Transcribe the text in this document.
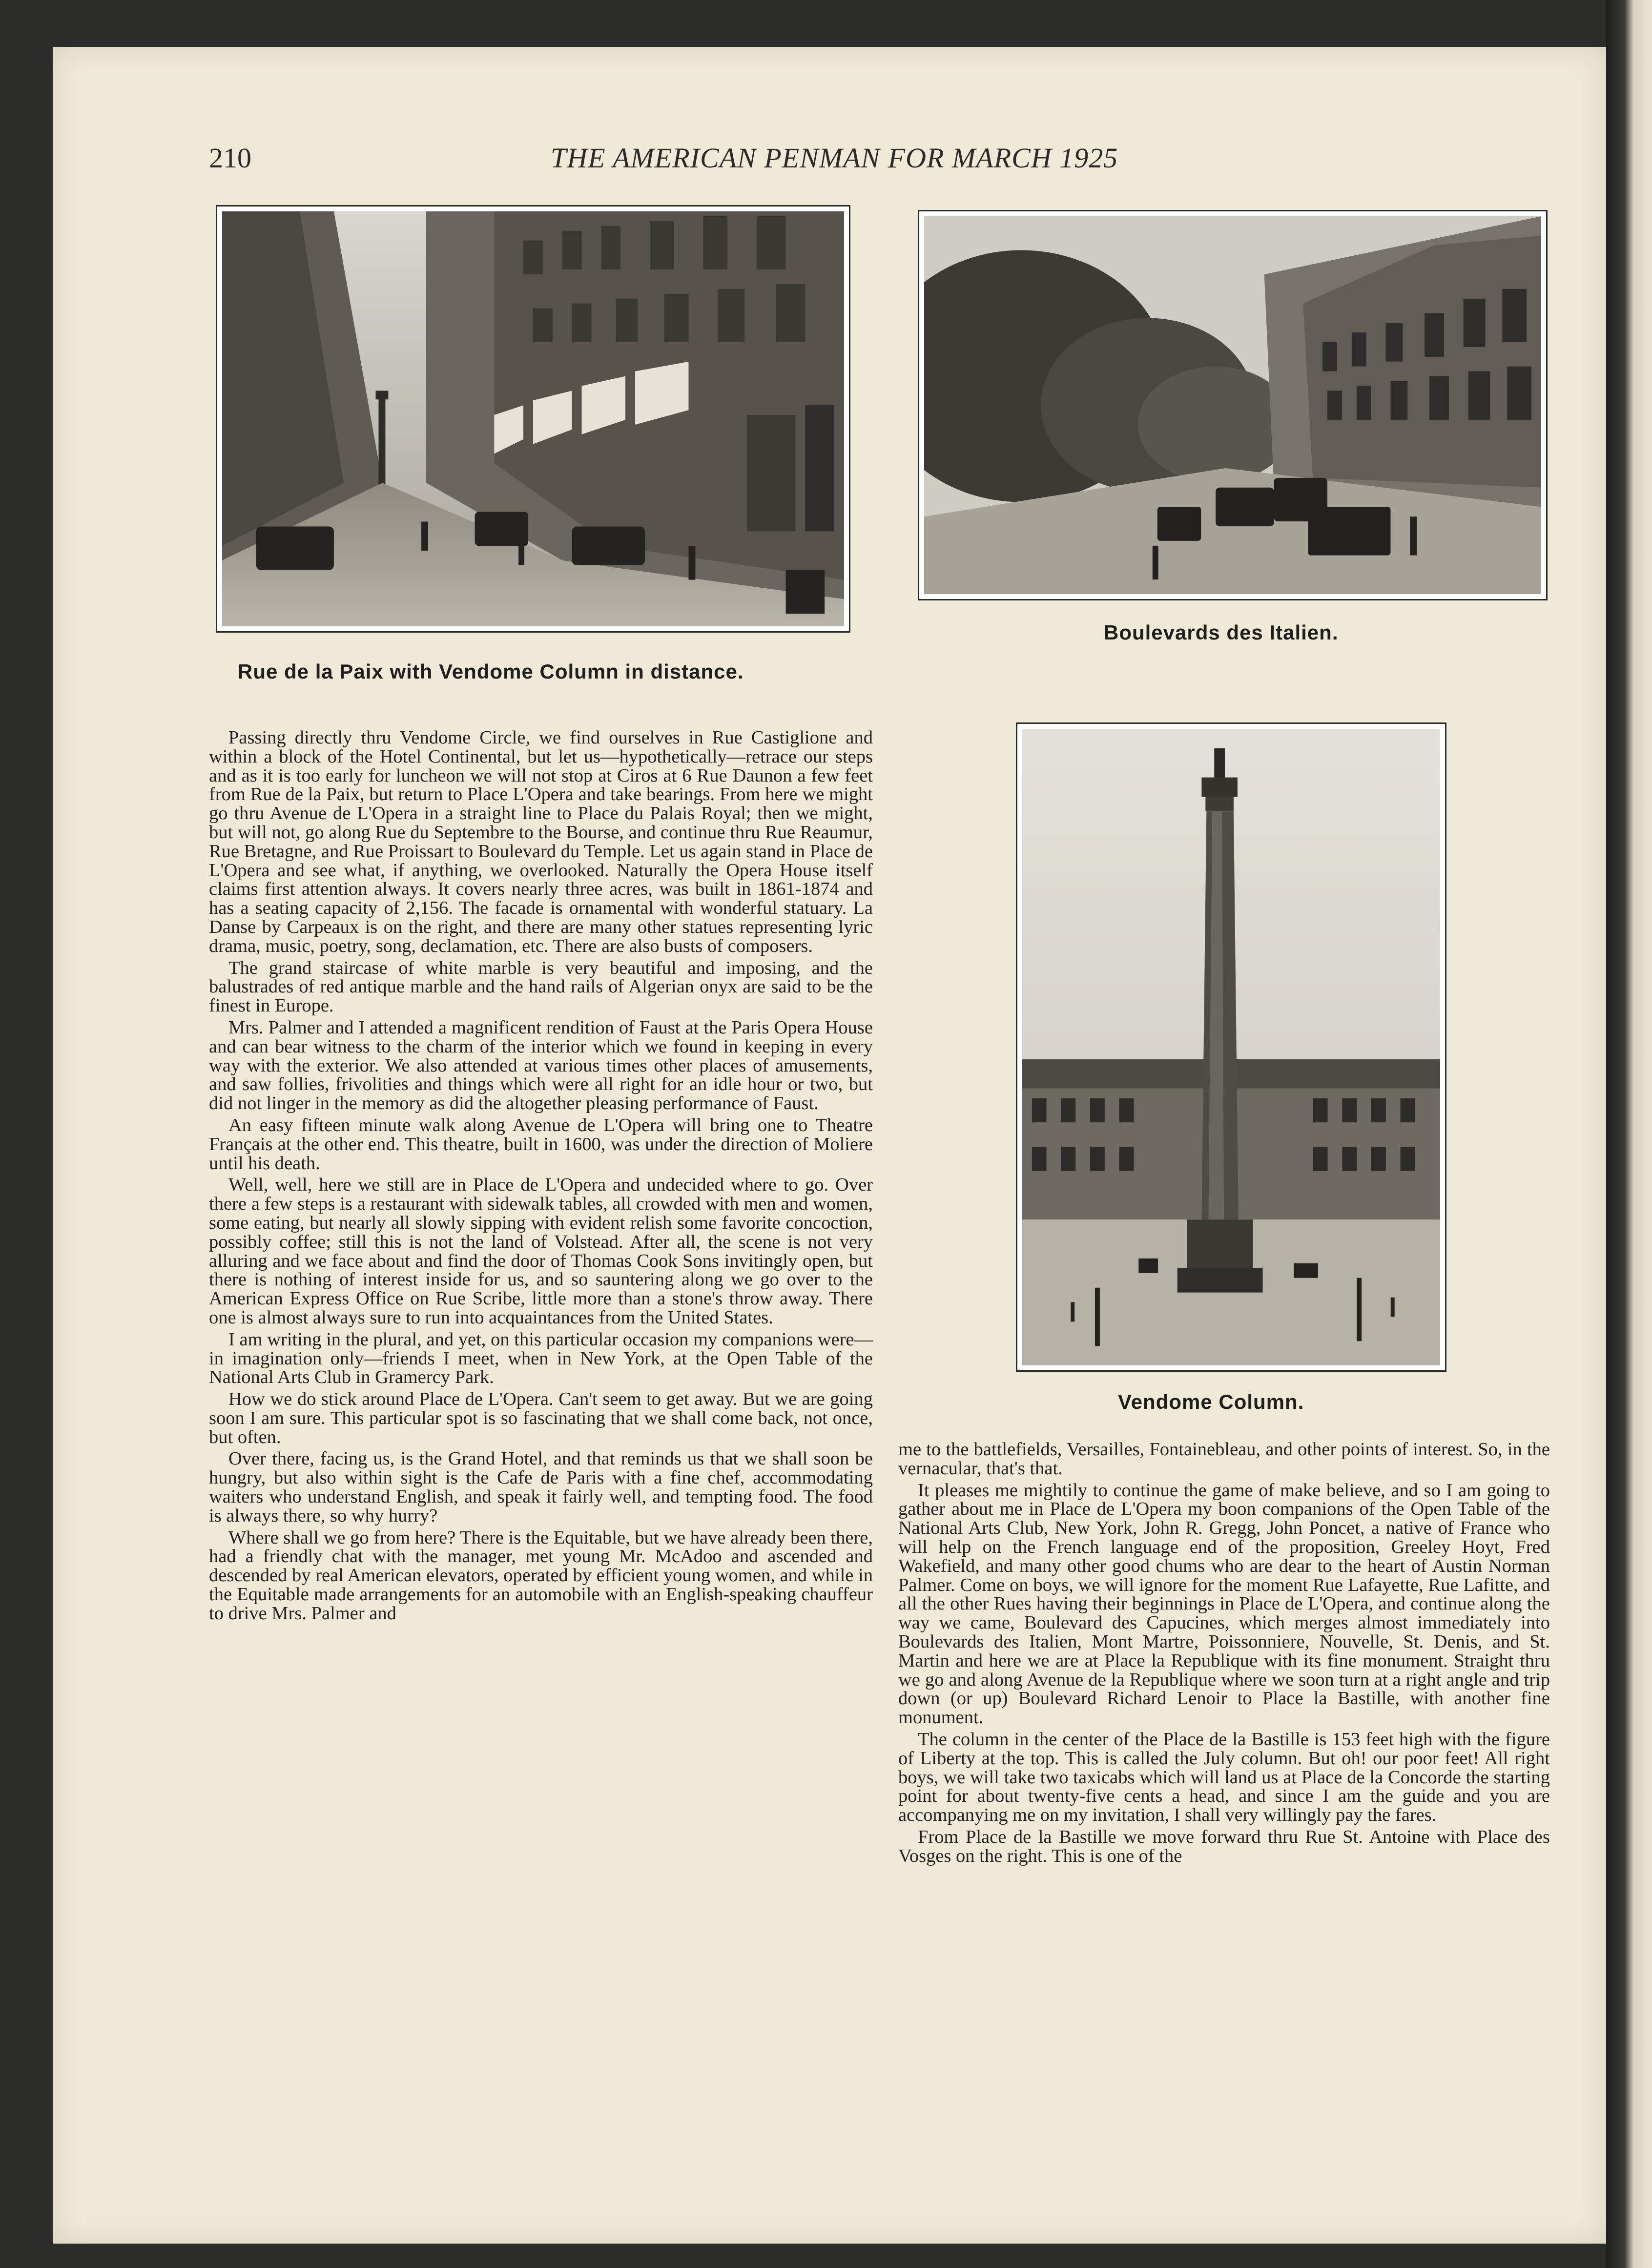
210	THE AMERICAN PENMAN FOR MARCH 1925
Rue de la Paix with Vendome Column in distance.
Boulevards des Italien.
Vendome Column.

Passing directly thru Vendome Circle, we find ourselves in Rue Castiglione and within a block of the Hotel Continental, but let us—hypothetically—retrace our steps and as it is too early for luncheon we will not stop at Ciros at 6 Rue Daunon a few feet from Rue de la Paix, but return to Place L'Opera and take bearings. From here we might go thru Avenue de L'Opera in a straight line to Place du Palais Royal; then we might, but will not, go along Rue du Septembre to the Bourse, and continue thru Rue Reaumur, Rue Bretagne, and Rue Proissart to Boulevard du Temple. Let us again stand in Place de L'Opera and see what, if anything, we overlooked. Naturally the Opera House itself claims first attention always. It covers nearly three acres, was built in 1861-1874 and has a seating capacity of 2,156. The facade is ornamental with wonderful statuary. La Danse by Carpeaux is on the right, and there are many other statues representing lyric drama, music, poetry, song, declamation, etc. There are also busts of composers.

The grand staircase of white marble is very beautiful and imposing, and the balustrades of red antique marble and the hand rails of Algerian onyx are said to be the finest in Europe.

Mrs. Palmer and I attended a magnificent rendition of Faust at the Paris Opera House and can bear witness to the charm of the interior which we found in keeping in every way with the exterior. We also attended at various times other places of amusements, and saw follies, frivolities and things which were all right for an idle hour or two, but did not linger in the memory as did the altogether pleasing performance of Faust.

An easy fifteen minute walk along Avenue de L'Opera will bring one to Theatre Français at the other end. This theatre, built in 1600, was under the direction of Moliere until his death.

Well, well, here we still are in Place de L'Opera and undecided where to go. Over there a few steps is a restaurant with sidewalk tables, all crowded with men and women, some eating, but nearly all slowly sipping with evident relish some favorite concoction, possibly coffee; still this is not the land of Volstead. After all, the scene is not very alluring and we face about and find the door of Thomas Cook Sons invitingly open, but there is nothing of interest inside for us, and so sauntering along we go over to the American Express Office on Rue Scribe, little more than a stone's throw away. There one is almost always sure to run into acquaintances from the United States.

I am writing in the plural, and yet, on this particular occasion my companions were—in imagination only—friends I meet, when in New York, at the Open Table of the National Arts Club in Gramercy Park.

How we do stick around Place de L'Opera. Can't seem to get away. But we are going soon I am sure. This particular spot is so fascinating that we shall come back, not once, but often.

Over there, facing us, is the Grand Hotel, and that reminds us that we shall soon be hungry, but also within sight is the Cafe de Paris with a fine chef, accommodating waiters who understand English, and speak it fairly well, and tempting food. The food is always there, so why hurry?

Where shall we go from here? There is the Equitable, but we have already been there, had a friendly chat with the manager, met young Mr. McAdoo and ascended and descended by real American elevators, operated by efficient young women, and while in the Equitable made arrangements for an automobile with an English-speaking chauffeur to drive Mrs. Palmer and

me to the battlefields, Versailles, Fontainebleau, and other points of interest. So, in the vernacular, that's that.

It pleases me mightily to continue the game of make believe, and so I am going to gather about me in Place de L'Opera my boon companions of the Open Table of the National Arts Club, New York, John R. Gregg, John Poncet, a native of France who will help on the French language end of the proposition, Greeley Hoyt, Fred Wakefield, and many other good chums who are dear to the heart of Austin Norman Palmer. Come on boys, we will ignore for the moment Rue Lafayette, Rue Lafitte, and all the other Rues having their beginnings in Place de L'Opera, and continue along the way we came, Boulevard des Capucines, which merges almost immediately into Boulevards des Italien, Mont Martre, Poissonniere, Nouvelle, St. Denis, and St. Martin and here we are at Place la Republique with its fine monument. Straight thru we go and along Avenue de la Republique where we soon turn at a right angle and trip down (or up) Boulevard Richard Lenoir to Place la Bastille, with another fine monument.

The column in the center of the Place de la Bastille is 153 feet high with the figure of Liberty at the top. This is called the July column. But oh! our poor feet! All right boys, we will take two taxicabs which will land us at Place de la Concorde the starting point for about twenty-five cents a head, and since I am the guide and you are accompanying me on my invitation, I shall very willingly pay the fares.

From Place de la Bastille we move forward thru Rue St. Antoine with Place des Vosges on the right. This is one of the
